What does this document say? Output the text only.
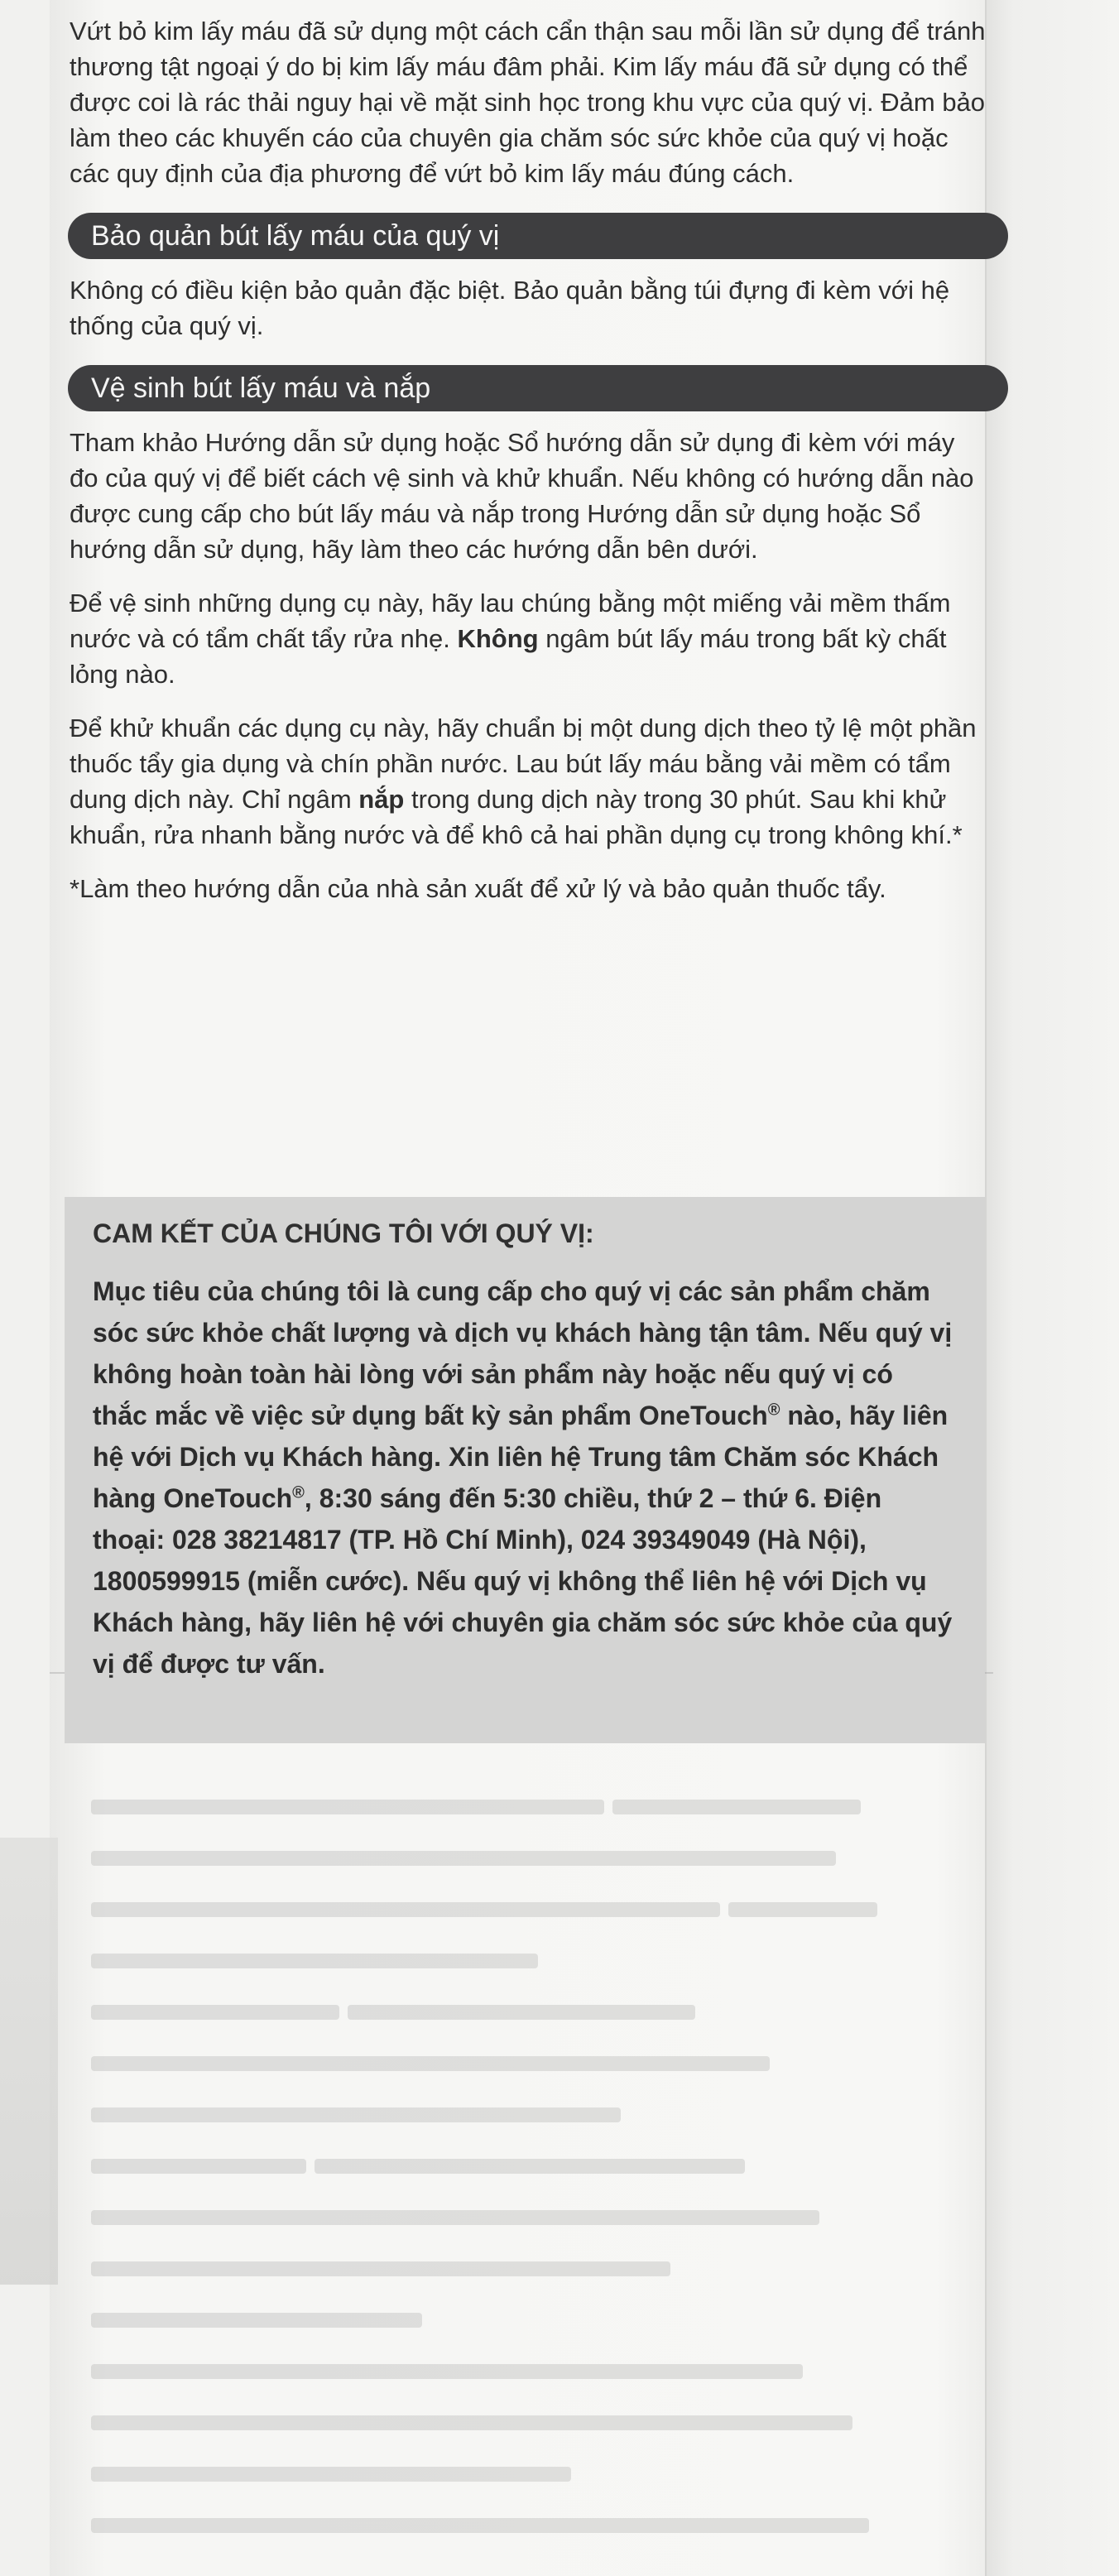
Vứt bỏ kim lấy máu đã sử dụng một cách cẩn thận sau mỗi lần sử dụng để tránh thương tật ngoại ý do bị kim lấy máu đâm phải. Kim lấy máu đã sử dụng có thể được coi là rác thải nguy hại về mặt sinh học trong khu vực của quý vị. Đảm bảo làm theo các khuyến cáo của chuyên gia chăm sóc sức khỏe của quý vị hoặc các quy định của địa phương để vứt bỏ kim lấy máu đúng cách.

Bảo quản bút lấy máu của quý vị

Không có điều kiện bảo quản đặc biệt. Bảo quản bằng túi đựng đi kèm với hệ thống của quý vị.

Vệ sinh bút lấy máu và nắp

Tham khảo Hướng dẫn sử dụng hoặc Sổ hướng dẫn sử dụng đi kèm với máy đo của quý vị để biết cách vệ sinh và khử khuẩn. Nếu không có hướng dẫn nào được cung cấp cho bút lấy máu và nắp trong Hướng dẫn sử dụng hoặc Sổ hướng dẫn sử dụng, hãy làm theo các hướng dẫn bên dưới.

Để vệ sinh những dụng cụ này, hãy lau chúng bằng một miếng vải mềm thấm nước và có tẩm chất tẩy rửa nhẹ. Không ngâm bút lấy máu trong bất kỳ chất lỏng nào.

Để khử khuẩn các dụng cụ này, hãy chuẩn bị một dung dịch theo tỷ lệ một phần thuốc tẩy gia dụng và chín phần nước. Lau bút lấy máu bằng vải mềm có tẩm dung dịch này. Chỉ ngâm nắp trong dung dịch này trong 30 phút. Sau khi khử khuẩn, rửa nhanh bằng nước và để khô cả hai phần dụng cụ trong không khí.*

*Làm theo hướng dẫn của nhà sản xuất để xử lý và bảo quản thuốc tẩy.
CAM KẾT CỦA CHÚNG TÔI VỚI QUÝ VỊ:
Mục tiêu của chúng tôi là cung cấp cho quý vị các sản phẩm chăm sóc sức khỏe chất lượng và dịch vụ khách hàng tận tâm. Nếu quý vị không hoàn toàn hài lòng với sản phẩm này hoặc nếu quý vị có thắc mắc về việc sử dụng bất kỳ sản phẩm OneTouch® nào, hãy liên hệ với Dịch vụ Khách hàng. Xin liên hệ Trung tâm Chăm sóc Khách hàng OneTouch®, 8:30 sáng đến 5:30 chiều, thứ 2 – thứ 6. Điện thoại: 028 38214817 (TP. Hồ Chí Minh), 024 39349049 (Hà Nội), 1800599915 (miễn cước). Nếu quý vị không thể liên hệ với Dịch vụ Khách hàng, hãy liên hệ với chuyên gia chăm sóc sức khỏe của quý vị để được tư vấn.
